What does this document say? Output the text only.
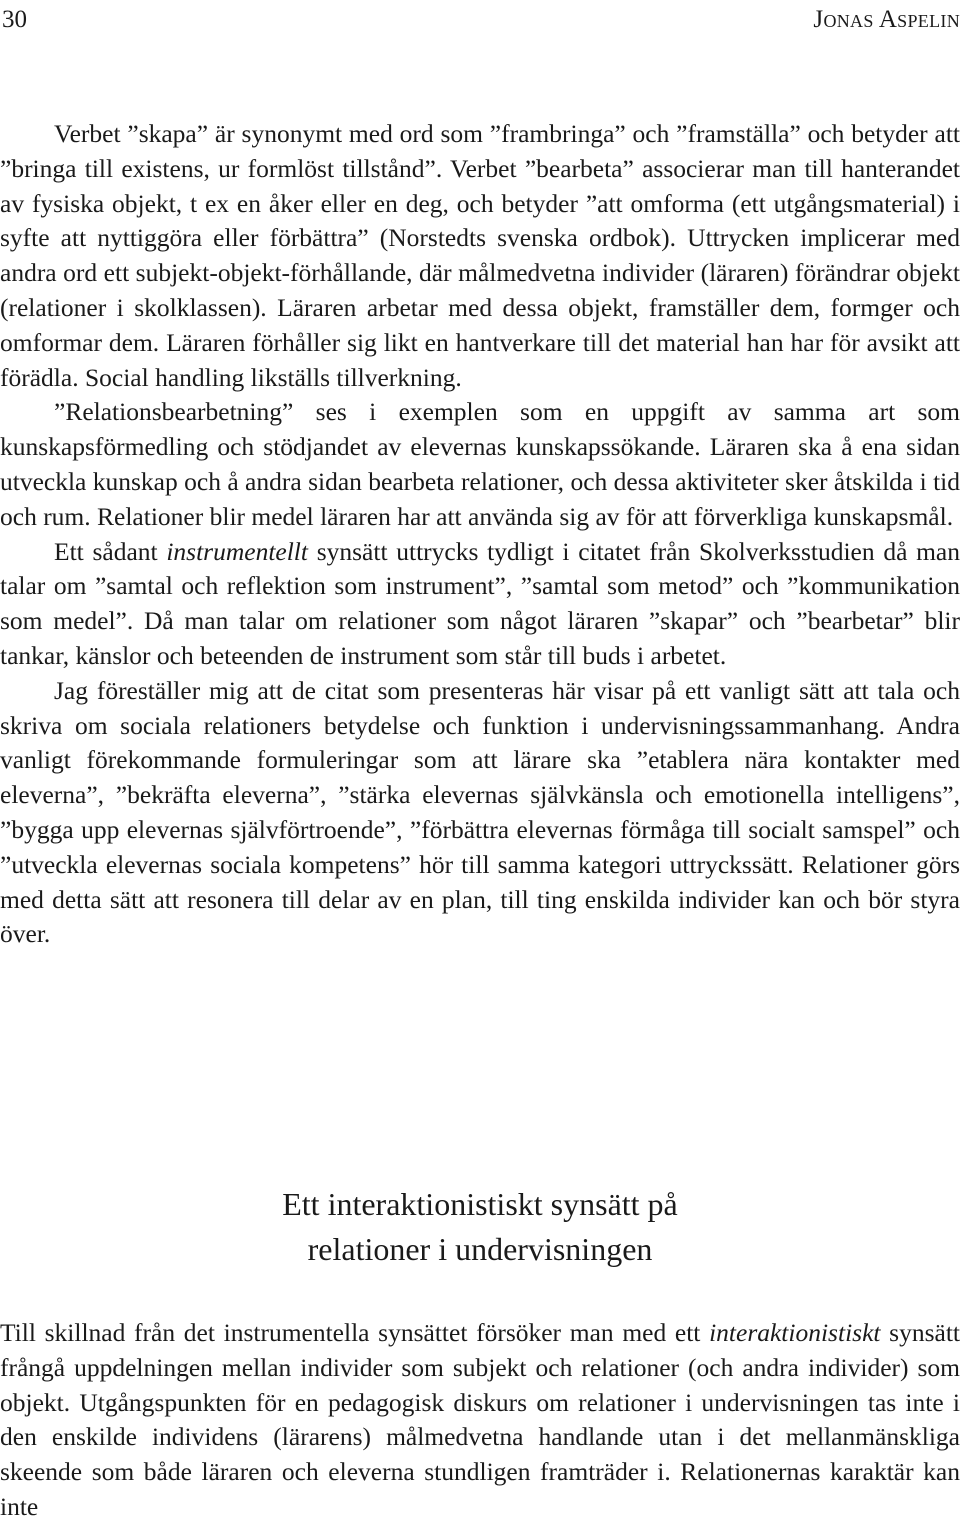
30	Jonas Aspelin

Verbet ”skapa” är synonymt med ord som ”frambringa” och ”framställa” och betyder att ”bringa till existens, ur formlöst tillstånd”. Verbet ”bearbeta” associerar man till hanterandet av fysiska objekt, t ex en åker eller en deg, och betyder ”att omforma (ett utgångsmaterial) i syfte att nyttiggöra eller förbättra” (Norstedts svenska ordbok). Uttrycken implicerar med andra ord ett subjekt-objekt-förhållande, där målmedvetna individer (läraren) förändrar objekt (relationer i skolklassen). Läraren arbetar med dessa objekt, framställer dem, formger och omformar dem. Läraren förhåller sig likt en hantverkare till det material han har för avsikt att förädla. Social handling likställs tillverkning.

”Relationsbearbetning” ses i exemplen som en uppgift av samma art som kunskapsförmedling och stödjandet av elevernas kunskapssökande. Läraren ska å ena sidan utveckla kunskap och å andra sidan bearbeta relationer, och dessa aktiviteter sker åtskilda i tid och rum. Relationer blir medel läraren har att använda sig av för att förverkliga kunskapsmål.

Ett sådant instrumentellt synsätt uttrycks tydligt i citatet från Skolverksstudien då man talar om ”samtal och reflektion som instrument”, ”samtal som metod” och ”kommunikation som medel”. Då man talar om relationer som något läraren ”skapar” och ”bearbetar” blir tankar, känslor och beteenden de instrument som står till buds i arbetet.

Jag föreställer mig att de citat som presenteras här visar på ett vanligt sätt att tala och skriva om sociala relationers betydelse och funktion i undervisningssammanhang. Andra vanligt förekommande formuleringar som att lärare ska ”etablera nära kontakter med eleverna”, ”bekräfta eleverna”, ”stärka elevernas självkänsla och emotionella intelligens”, ”bygga upp elevernas självförtroende”, ”förbättra elevernas förmåga till socialt samspel” och ”utveckla elevernas sociala kompetens” hör till samma kategori uttryckssätt. Relationer görs med detta sätt att resonera till delar av en plan, till ting enskilda individer kan och bör styra över.

Ett interaktionistiskt synsätt på
relationer i undervisningen

Till skillnad från det instrumentella synsättet försöker man med ett interaktionistiskt synsätt frångå uppdelningen mellan individer som subjekt och relationer (och andra individer) som objekt. Utgångspunkten för en pedagogisk diskurs om relationer i undervisningen tas inte i den enskilde individens (lärarens) målmedvetna handlande utan i det mellanmänskliga skeende som både läraren och eleverna stundligen framträder i. Relationernas karaktär kan inte
